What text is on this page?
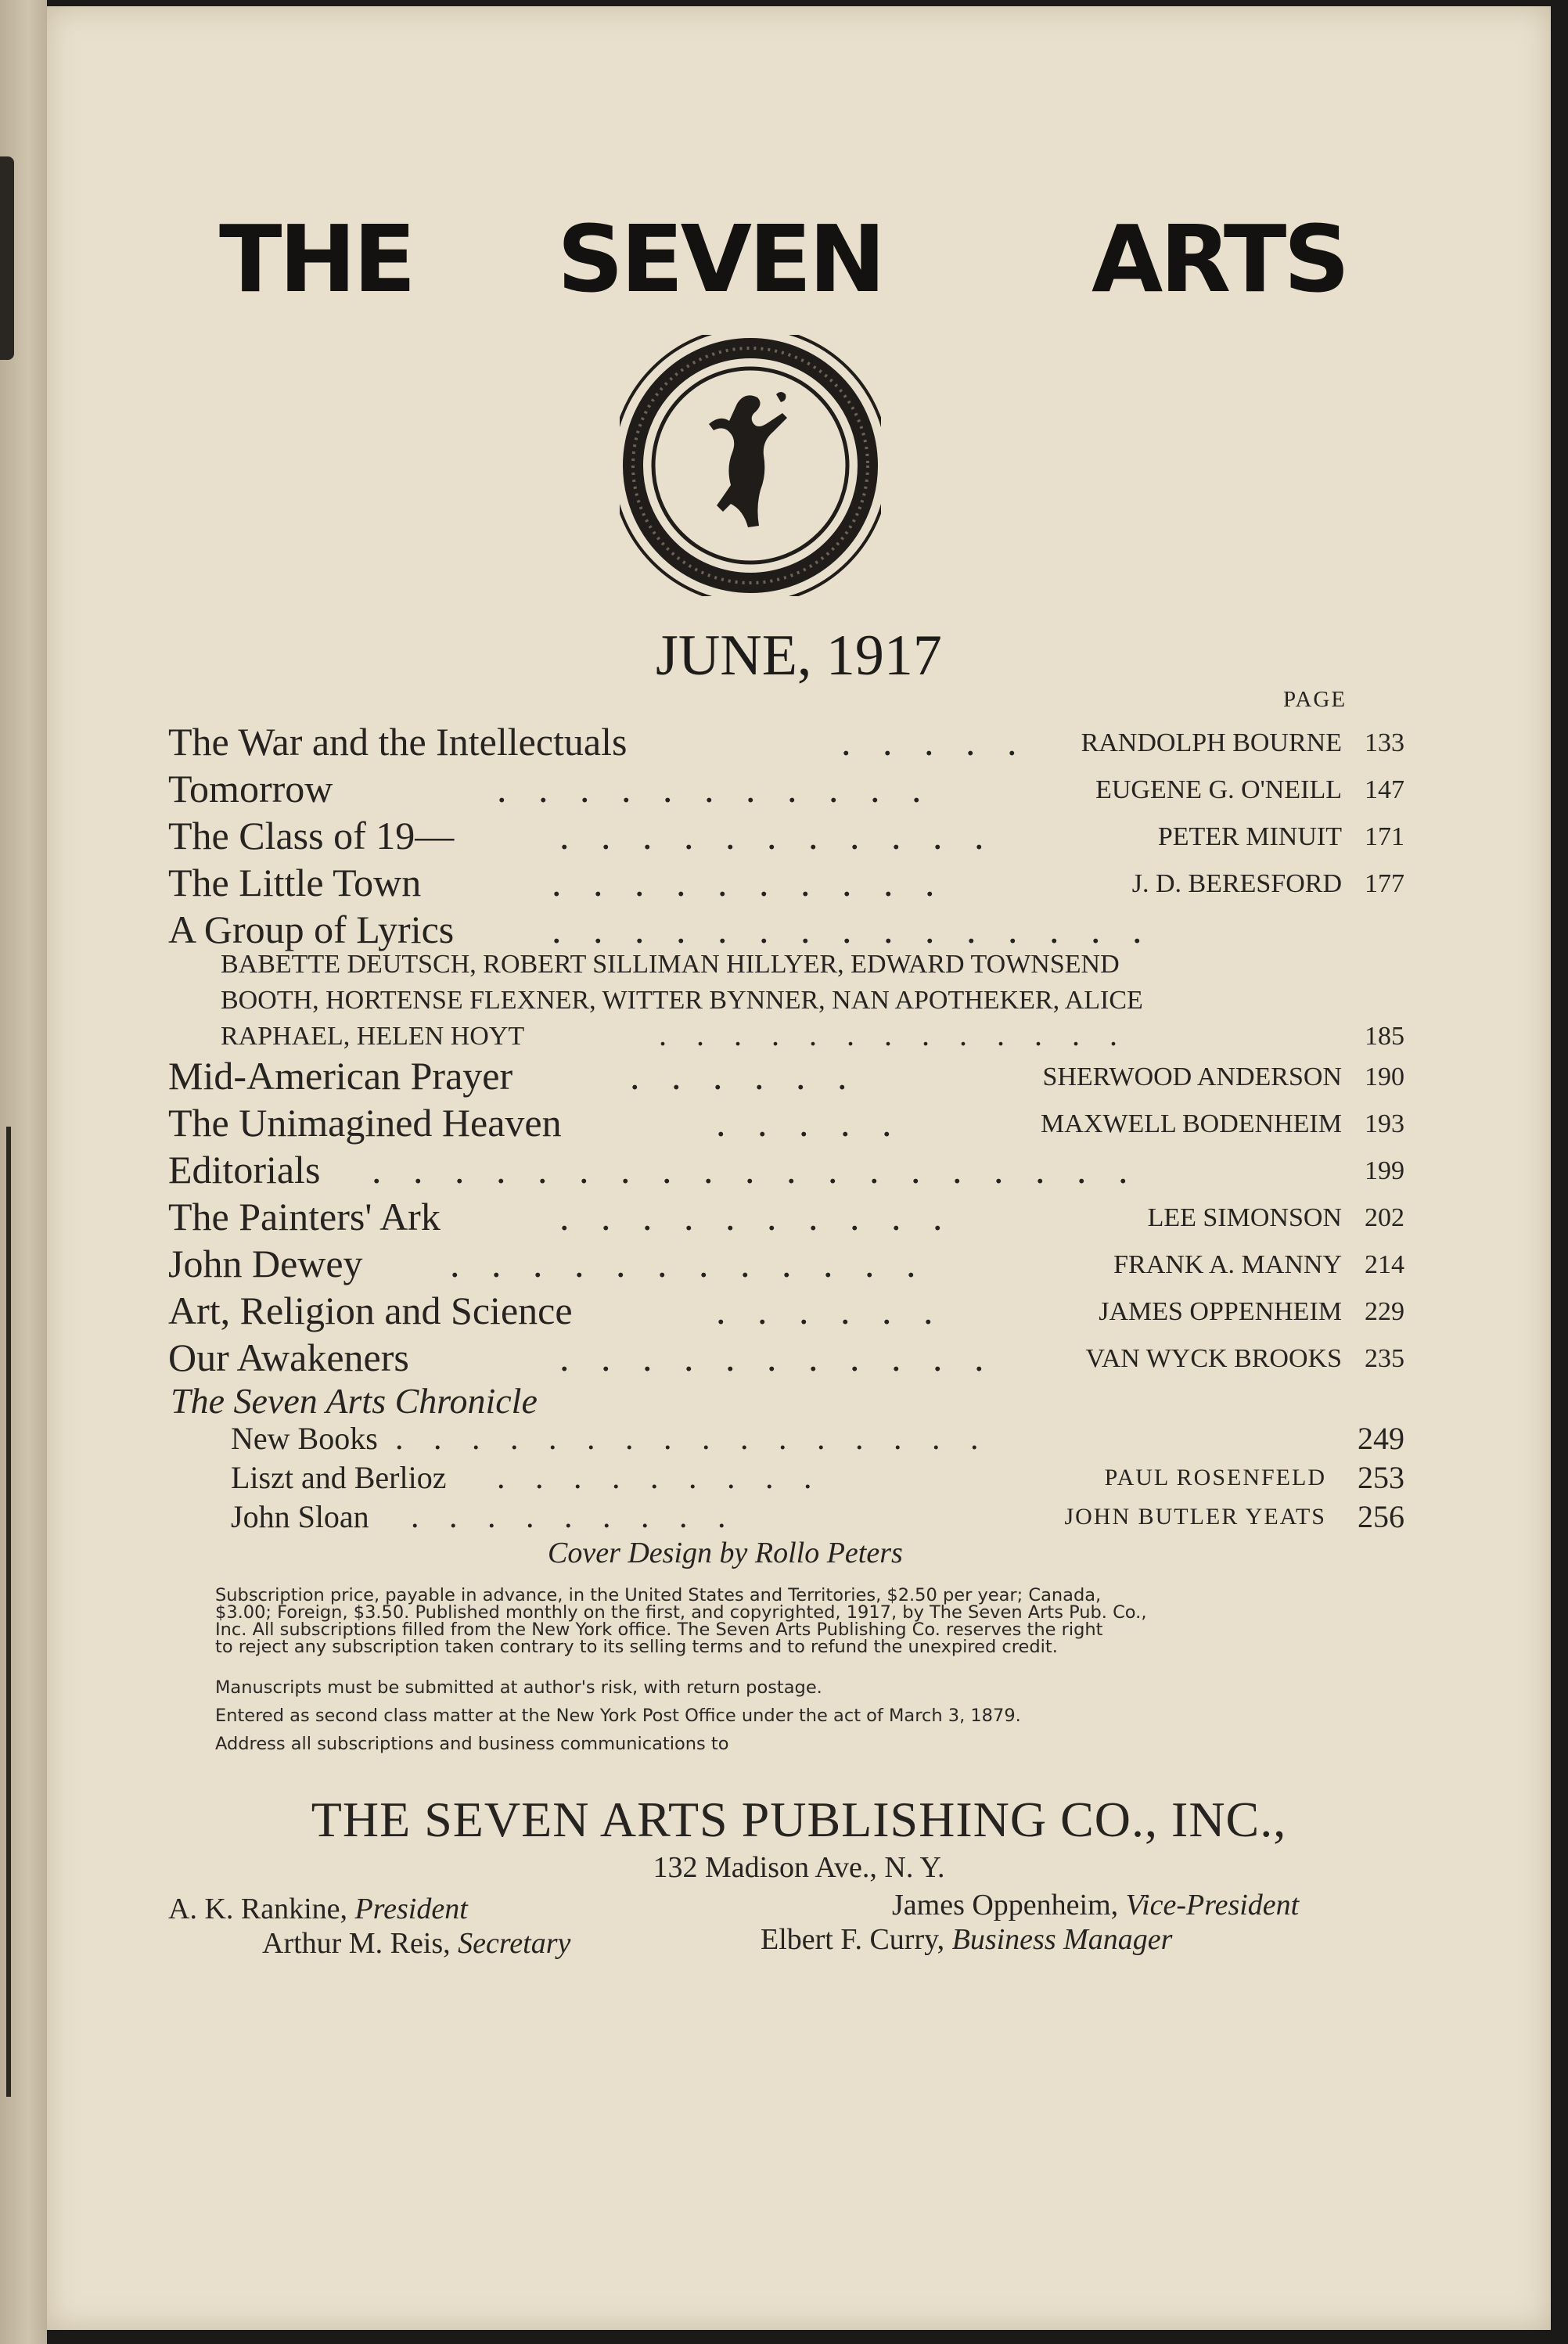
THE SEVEN ARTS
JUNE, 1917
PAGE
The War and the Intellectuals	. . . . . RANDOLPH BOURNE 133
Tomorrow	. . . . . . . . . . .	EUGENE G. O'NEILL 147
The Class of 19—	. . . . . . . . . . .	PETER MINUIT 171
The Little Town	. . . . . . . . . .	J. D. BERESFORD 177
A Group of Lyrics . . . . . . . . . . . . . . .
BABETTE DEUTSCH, ROBERT SILLIMAN HILLYER, EDWARD TOWNSEND
BOOTH, HORTENSE FLEXNER, WITTER BYNNER, NAN APOTHEKER, ALICE
RAPHAEL, HELEN HOYT	. . . . . . . . . . . . .	185
Mid-American Prayer	. . . . . .	SHERWOOD ANDERSON 190
The Unimagined Heaven	. . . . .	MAXWELL BODENHEIM 193
Editorials . . . . . . . . . . . . . . . . . . .	199
The Painters' Ark	. . . . . . . . . .	LEE SIMONSON 202
John Dewey . . . . . . . . . . . .	FRANK A. MANNY 214
Art, Religion and Science	. . . . . .	JAMES OPPENHEIM 229
Our Awakeners	. . . . . . . . . . .	VAN WYCK BROOKS 235
The Seven Arts Chronicle
New Books . . . . . . . . . . . . . . . .	249
Liszt and Berlioz . . . . . . . . .	PAUL ROSENFELD 253
John Sloan . . . . . . . . .	JOHN BUTLER YEATS 256
Cover Design by Rollo Peters
Subscription price, payable in advance, in the United States and Territories, $2.50 per year; Canada,
$3.00; Foreign, $3.50. Published monthly on the first, and copyrighted, 1917, by The Seven Arts Pub. Co.,
Inc. All subscriptions filled from the New York office. The Seven Arts Publishing Co. reserves the right
to reject any subscription taken contrary to its selling terms and to refund the unexpired credit.
Manuscripts must be submitted at author's risk, with return postage.
Entered as second class matter at the New York Post Office under the act of March 3, 1879.
Address all subscriptions and business communications to
THE SEVEN ARTS PUBLISHING CO., INC.,
132 Madison Ave., N. Y.
A. K. Rankine, President	James Oppenheim, Vice-President
Arthur M. Reis, Secretary	Elbert F. Curry, Business Manager
